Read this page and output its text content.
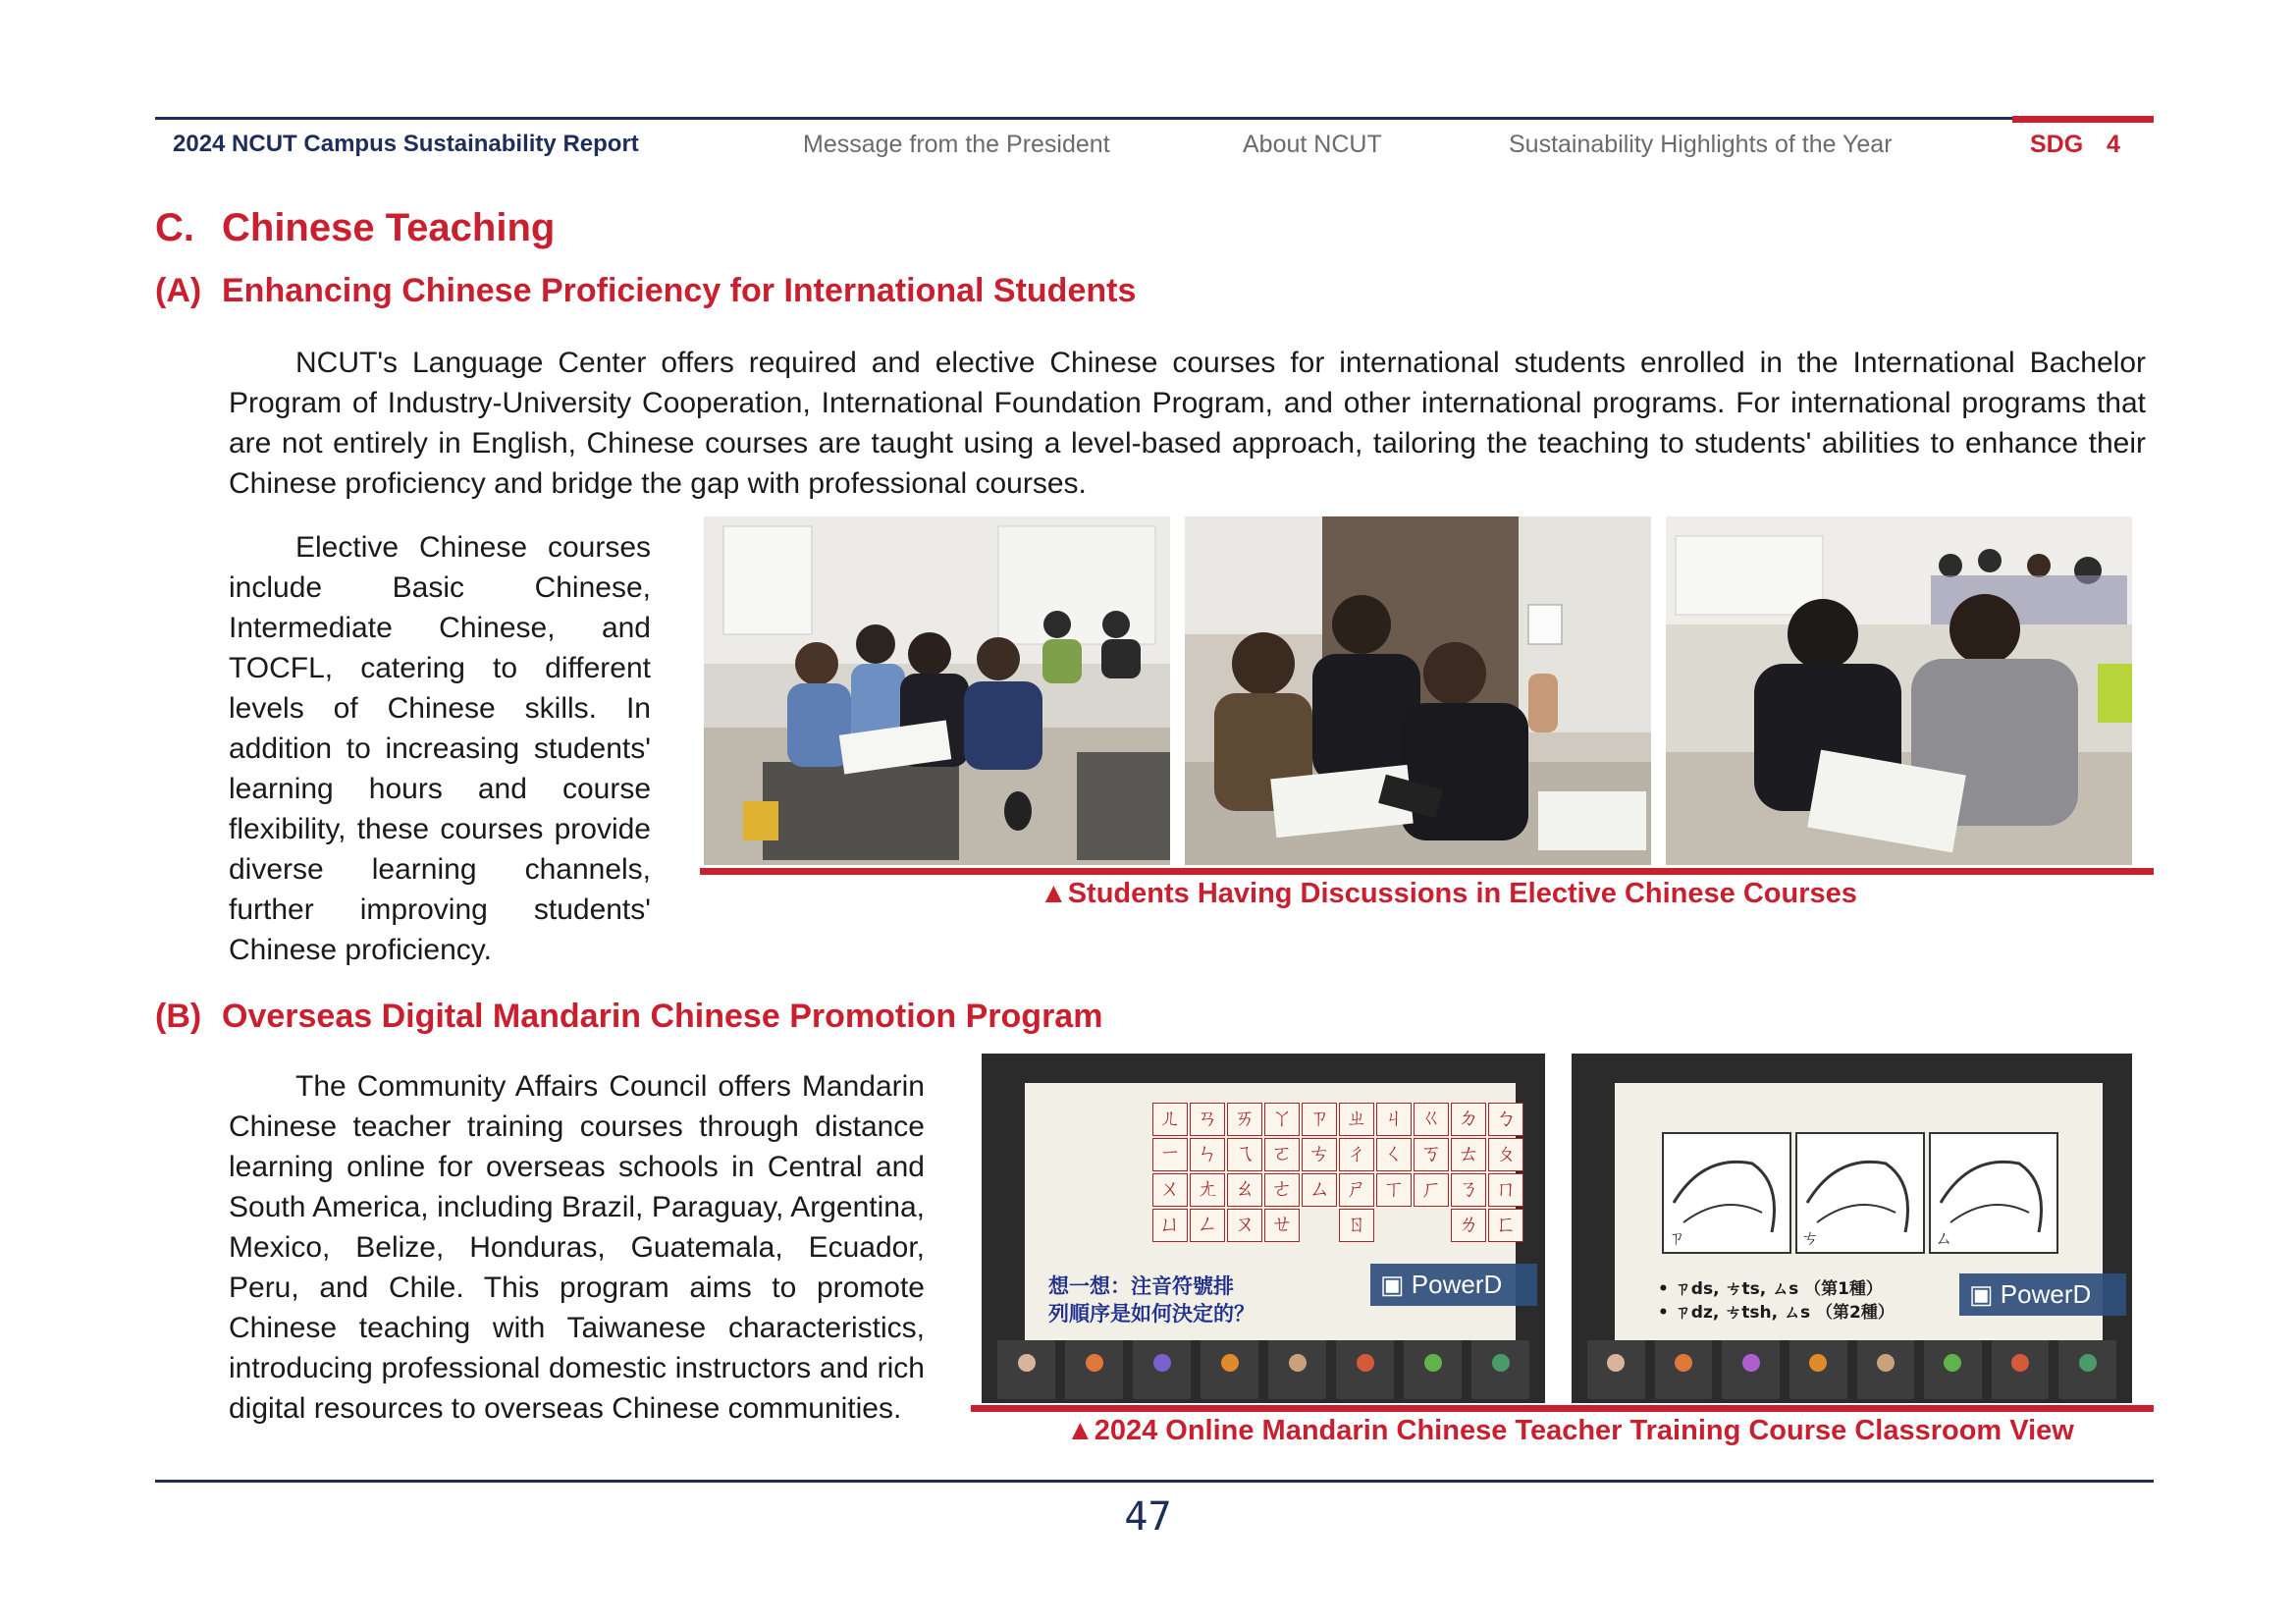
2024 NCUT Campus Sustainability Report	Message from the President	About NCUT	Sustainability Highlights of the Year	SDG 4
C. Chinese Teaching
(A) Enhancing Chinese Proficiency for International Students
NCUT's Language Center offers required and elective Chinese courses for international students enrolled in the International Bachelor Program of Industry-University Cooperation, International Foundation Program, and other international programs. For international programs that are not entirely in English, Chinese courses are taught using a level-based approach, tailoring the teaching to students' abilities to enhance their Chinese proficiency and bridge the gap with professional courses.
Elective Chinese courses include Basic Chinese, Intermediate Chinese, and TOCFL, catering to different levels of Chinese skills. In addition to increasing students' learning hours and course flexibility, these courses provide diverse learning channels, further improving students' Chinese proficiency.
▲Students Having Discussions in Elective Chinese Courses
(B) Overseas Digital Mandarin Chinese Promotion Program
The Community Affairs Council offers Mandarin Chinese teacher training courses through distance learning online for overseas schools in Central and South America, including Brazil, Paraguay, Argentina, Mexico, Belize, Honduras, Guatemala, Ecuador, Peru, and Chile. This program aims to promote Chinese teaching with Taiwanese characteristics, introducing professional domestic instructors and rich digital resources to overseas Chinese communities.
ㄦ ㄢ ㄞ ㄚ ㄗ ㄓ ㄐ ㄍ ㄉ ㄅ
ㄧ ㄣ ㄟ ㄛ ㄘ ㄔ ㄑ ㄎ ㄊ ㄆ
ㄨ ㄤ ㄠ ㄜ ㄙ ㄕ ㄒ ㄏ ㄋ ㄇ
ㄩ ㄥ ㄡ ㄝ	ㄖ	ㄌ ㄈ
想一想：注音符號排
列順序是如何決定的？
▣ PowerD
ㄗ	ㄘ	ㄙ
• ㄗds, ㄘts, ㄙs （第1種）
• ㄗdz, ㄘtsh, ㄙs （第2種）
▣ PowerD
▲2024 Online Mandarin Chinese Teacher Training Course Classroom View
47
